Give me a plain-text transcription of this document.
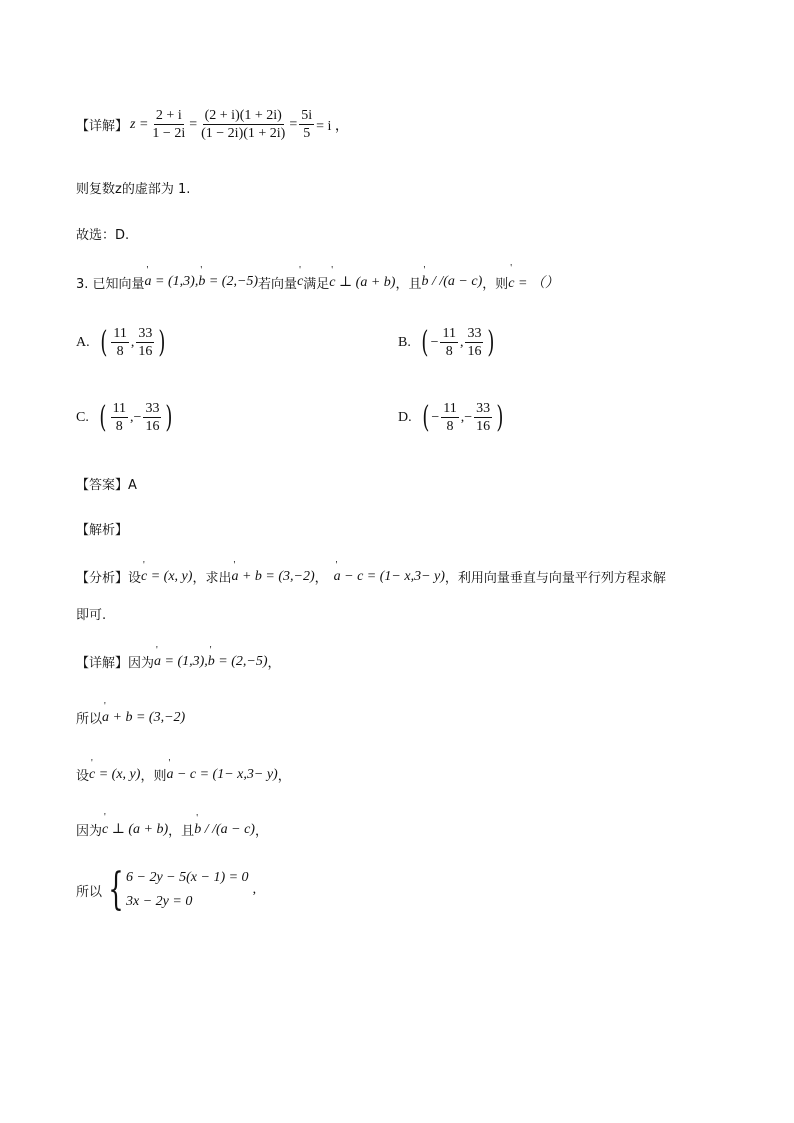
【详解】 $z = \frac{2 + i}{1 - 2i} = \frac{(2 + i)(1 + 2i)}{(1 - 2i)(1 + 2i)} = \frac{5i}{5} = i$ ，
则复数z的虚部为 1.
故选：D.
3. 已知向量 ' a = (1,3), ' b = (2,−5) 若向量 ' c 满足 ' c ⊥ (a + b) ，且 ' b / /(a − c) ，则 ' c = （）
A. ( $\frac{11}{8}$ , $\frac{33}{16}$ )	B. ( − $\frac{11}{8}$ , $\frac{33}{16}$ )
C. ( $\frac{11}{8}$ , − $\frac{33}{16}$ )	D. ( − $\frac{11}{8}$ , − $\frac{33}{16}$ )
【答案】A
【解析】
【分析】设 ' c = (x, y) ，求出 ' a + b = (3,−2) ， ' a − c = (1− x,3− y) ，利用向量垂直与向量平行列方程求解
即可.
【详解】因为 ' a = (1,3), ' b = (2,−5) ，
所以 ' a + b = (3,−2)
设 ' c = (x, y) ，则 ' a − c = (1− x,3− y) ，
因为 ' c ⊥ (a + b) ，且 ' b / /(a − c) ，
所以 { 6 − 2y − 5(x − 1) = 0
3x − 2y = 0
,
